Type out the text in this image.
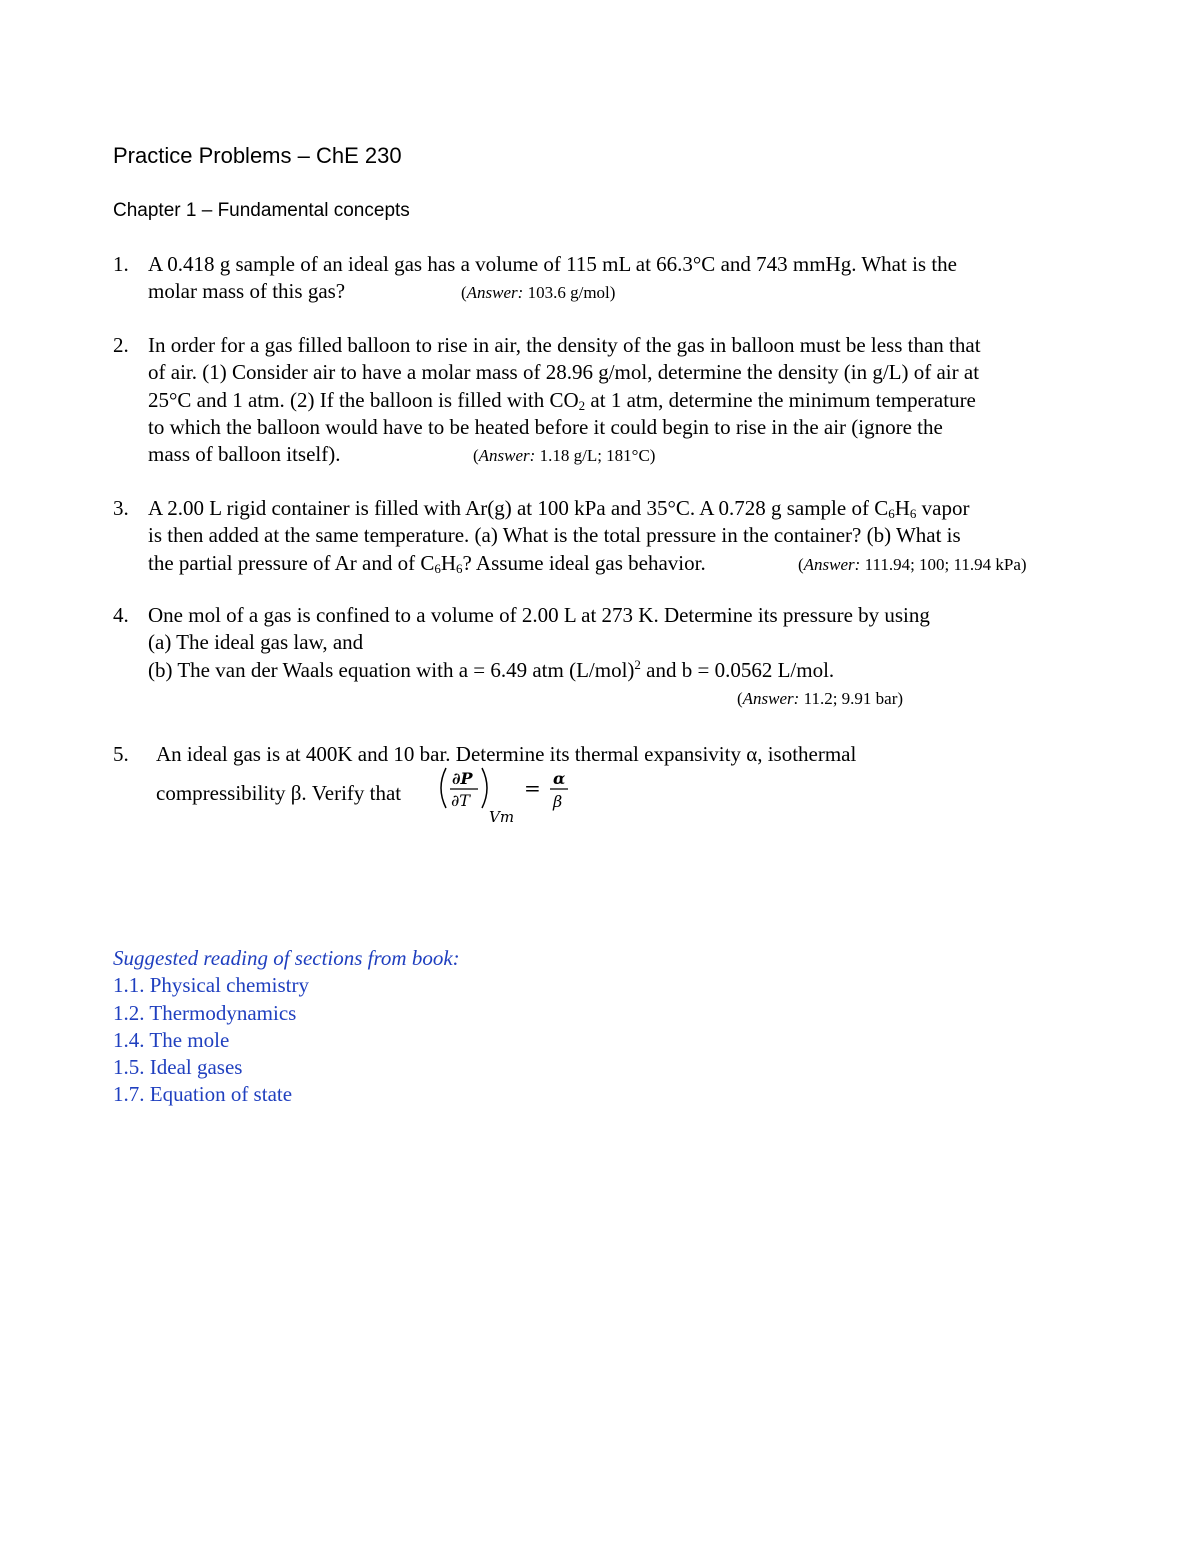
Practice Problems – ChE 230
Chapter 1 – Fundamental concepts
1. A 0.418 g sample of an ideal gas has a volume of 115 mL at 66.3°C and 743 mmHg. What is the
molar mass of this gas?	(Answer: 103.6 g/mol)
2. In order for a gas filled balloon to rise in air, the density of the gas in balloon must be less than that
of air. (1) Consider air to have a molar mass of 28.96 g/mol, determine the density (in g/L) of air at
25°C and 1 atm. (2) If the balloon is filled with $CO_2$ at 1 atm, determine the minimum temperature
to which the balloon would have to be heated before it could begin to rise in the air (ignore the
mass of balloon itself).	(Answer: 1.18 g/L; 181°C)
3. A 2.00 L rigid container is filled with Ar(g) at 100 kPa and 35°C. A 0.728 g sample of $C_6H_6$ vapor
is then added at the same temperature. (a) What is the total pressure in the container? (b) What is
the partial pressure of Ar and of $C_6H_6$? Assume ideal gas behavior.	(Answer: 111.94; 100; 11.94 kPa)
4. One mol of a gas is confined to a volume of 2.00 L at 273 K. Determine its pressure by using
(a) The ideal gas law, and
(b) The van der Waals equation with a = 6.49 atm $(L/mol)^2$ and b = 0.0562 L/mol.
(Answer: 11.2; 9.91 bar)
5.	An ideal gas is at 400K and 10 bar. Determine its thermal expansivity α, isothermal
compressibility β. Verify that
∂P
∂T
Vm
= α
β
Suggested reading of sections from book:
1.1. Physical chemistry
1.2. Thermodynamics
1.4. The mole
1.5. Ideal gases
1.7. Equation of state
